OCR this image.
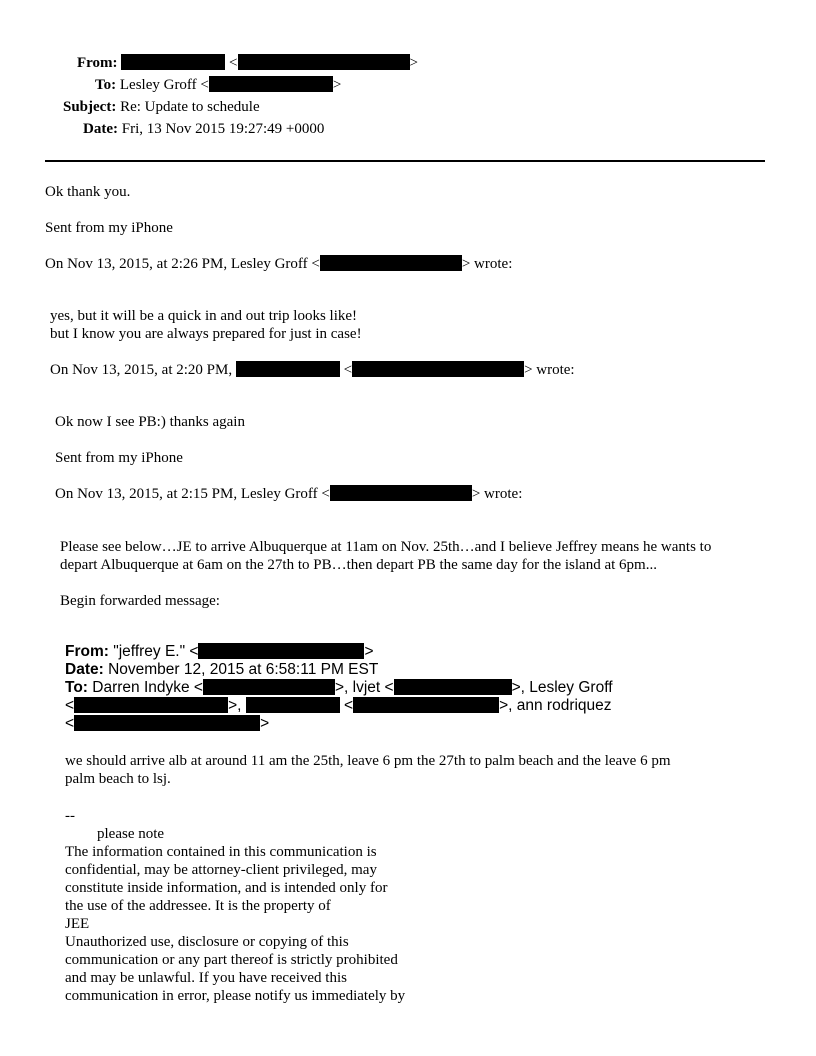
From:	<	>
To: Lesley Groff <	>
Subject: Re: Update to schedule
Date: Fri, 13 Nov 2015 19:27:49 +0000
Ok thank you.
Sent from my iPhone
On Nov 13, 2015, at 2:26 PM, Lesley Groff <	> wrote:
yes, but it will be a quick in and out trip looks like!
but I know you are always prepared for just in case!
On Nov 13, 2015, at 2:20 PM,	<	> wrote:
Ok now I see PB:) thanks again
Sent from my iPhone
On Nov 13, 2015, at 2:15 PM, Lesley Groff <	> wrote:
Please see below…JE to arrive Albuquerque at 11am on Nov. 25th…and I believe Jeffrey means he wants to
depart Albuquerque at 6am on the 27th to PB…then depart PB the same day for the island at 6pm...
Begin forwarded message:
From: "jeffrey E." <	>
Date: November 12, 2015 at 6:58:11 PM EST
To: Darren Indyke <	>, lvjet <	>, Lesley Groff
<	>,	<	>, ann rodriquez
<	>
we should arrive alb at around 11 am the 25th, leave 6 pm the 27th to palm beach and the leave 6 pm
palm beach to lsj.
--
please note
The information contained in this communication is
confidential, may be attorney-client privileged, may
constitute inside information, and is intended only for
the use of the addressee. It is the property of
JEE
Unauthorized use, disclosure or copying of this
communication or any part thereof is strictly prohibited
and may be unlawful. If you have received this
communication in error, please notify us immediately by
